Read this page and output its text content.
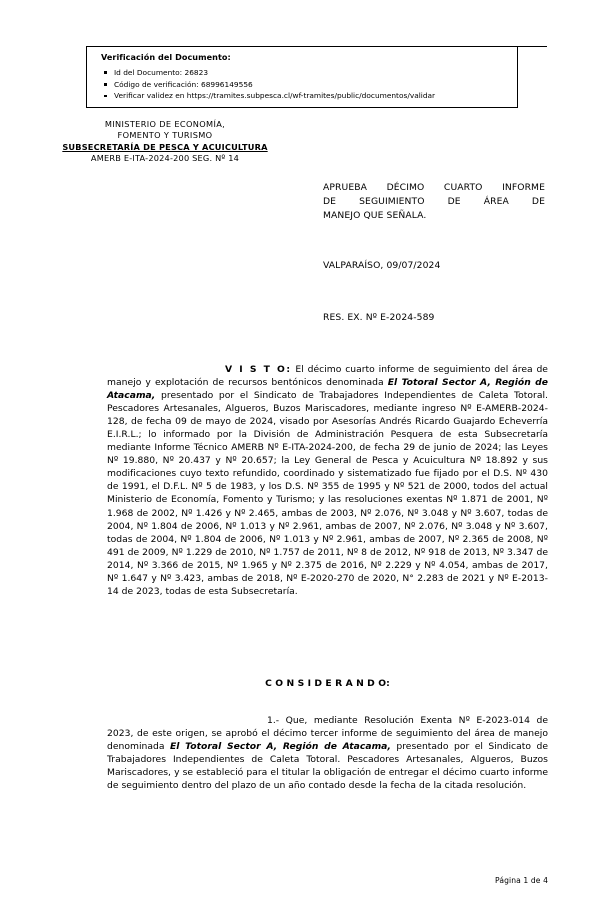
Verificación del Documento:
Id del Documento: 26823
Código de verificación: 68996149556
Verificar validez en https://tramites.subpesca.cl/wf-tramites/public/documentos/validar
MINISTERIO DE ECONOMÍA,
FOMENTO Y TURISMO
SUBSECRETARÍA DE PESCA Y ACUICULTURA
AMERB E-ITA-2024-200 SEG. Nº 14
APRUEBA DÉCIMO CUARTO INFORME
DE SEGUIMIENTO DE ÁREA DE
MANEJO QUE SEÑALA.
VALPARAÍSO, 09/07/2024
RES. EX. Nº E-2024-589
V I S T O: El décimo cuarto informe de seguimiento del área de manejo y explotación de recursos bentónicos denominada El Totoral Sector A, Región de Atacama, presentado por el Sindicato de Trabajadores Independientes de Caleta Totoral. Pescadores Artesanales, Algueros, Buzos Mariscadores, mediante ingreso Nº E-AMERB-2024-128, de fecha 09 de mayo de 2024, visado por Asesorías Andrés Ricardo Guajardo Echeverría E.I.R.L.; lo informado por la División de Administración Pesquera de esta Subsecretaría mediante Informe Técnico AMERB Nº E-ITA-2024-200, de fecha 29 de junio de 2024; las Leyes Nº 19.880, Nº 20.437 y Nº 20.657; la Ley General de Pesca y Acuicultura Nº 18.892 y sus modificaciones cuyo texto refundido, coordinado y sistematizado fue fijado por el D.S. Nº 430 de 1991, el D.F.L. Nº 5 de 1983, y los D.S. Nº 355 de 1995 y Nº 521 de 2000, todos del actual Ministerio de Economía, Fomento y Turismo; y las resoluciones exentas Nº 1.871 de 2001, Nº 1.968 de 2002, Nº 1.426 y Nº 2.465, ambas de 2003, Nº 2.076, Nº 3.048 y Nº 3.607, todas de 2004, Nº 1.804 de 2006, Nº 1.013 y Nº 2.961, ambas de 2007, Nº 2.076, Nº 3.048 y Nº 3.607, todas de 2004, Nº 1.804 de 2006, Nº 1.013 y Nº 2.961, ambas de 2007, Nº 2.365 de 2008, Nº 491 de 2009, Nº 1.229 de 2010, Nº 1.757 de 2011, Nº 8 de 2012, Nº 918 de 2013, Nº 3.347 de 2014, Nº 3.366 de 2015, Nº 1.965 y Nº 2.375 de 2016, Nº 2.229 y Nº 4.054, ambas de 2017, Nº 1.647 y Nº 3.423, ambas de 2018, Nº E-2020-270 de 2020, N° 2.283 de 2021 y Nº E-2013-14 de 2023, todas de esta Subsecretaría.
C O N S I D E R A N D O:
1.- Que, mediante Resolución Exenta Nº E-2023-014 de 2023, de este origen, se aprobó el décimo tercer informe de seguimiento del área de manejo denominada El Totoral Sector A, Región de Atacama, presentado por el Sindicato de Trabajadores Independientes de Caleta Totoral. Pescadores Artesanales, Algueros, Buzos Mariscadores, y se estableció para el titular la obligación de entregar el décimo cuarto informe de seguimiento dentro del plazo de un año contado desde la fecha de la citada resolución.
Página 1 de 4
